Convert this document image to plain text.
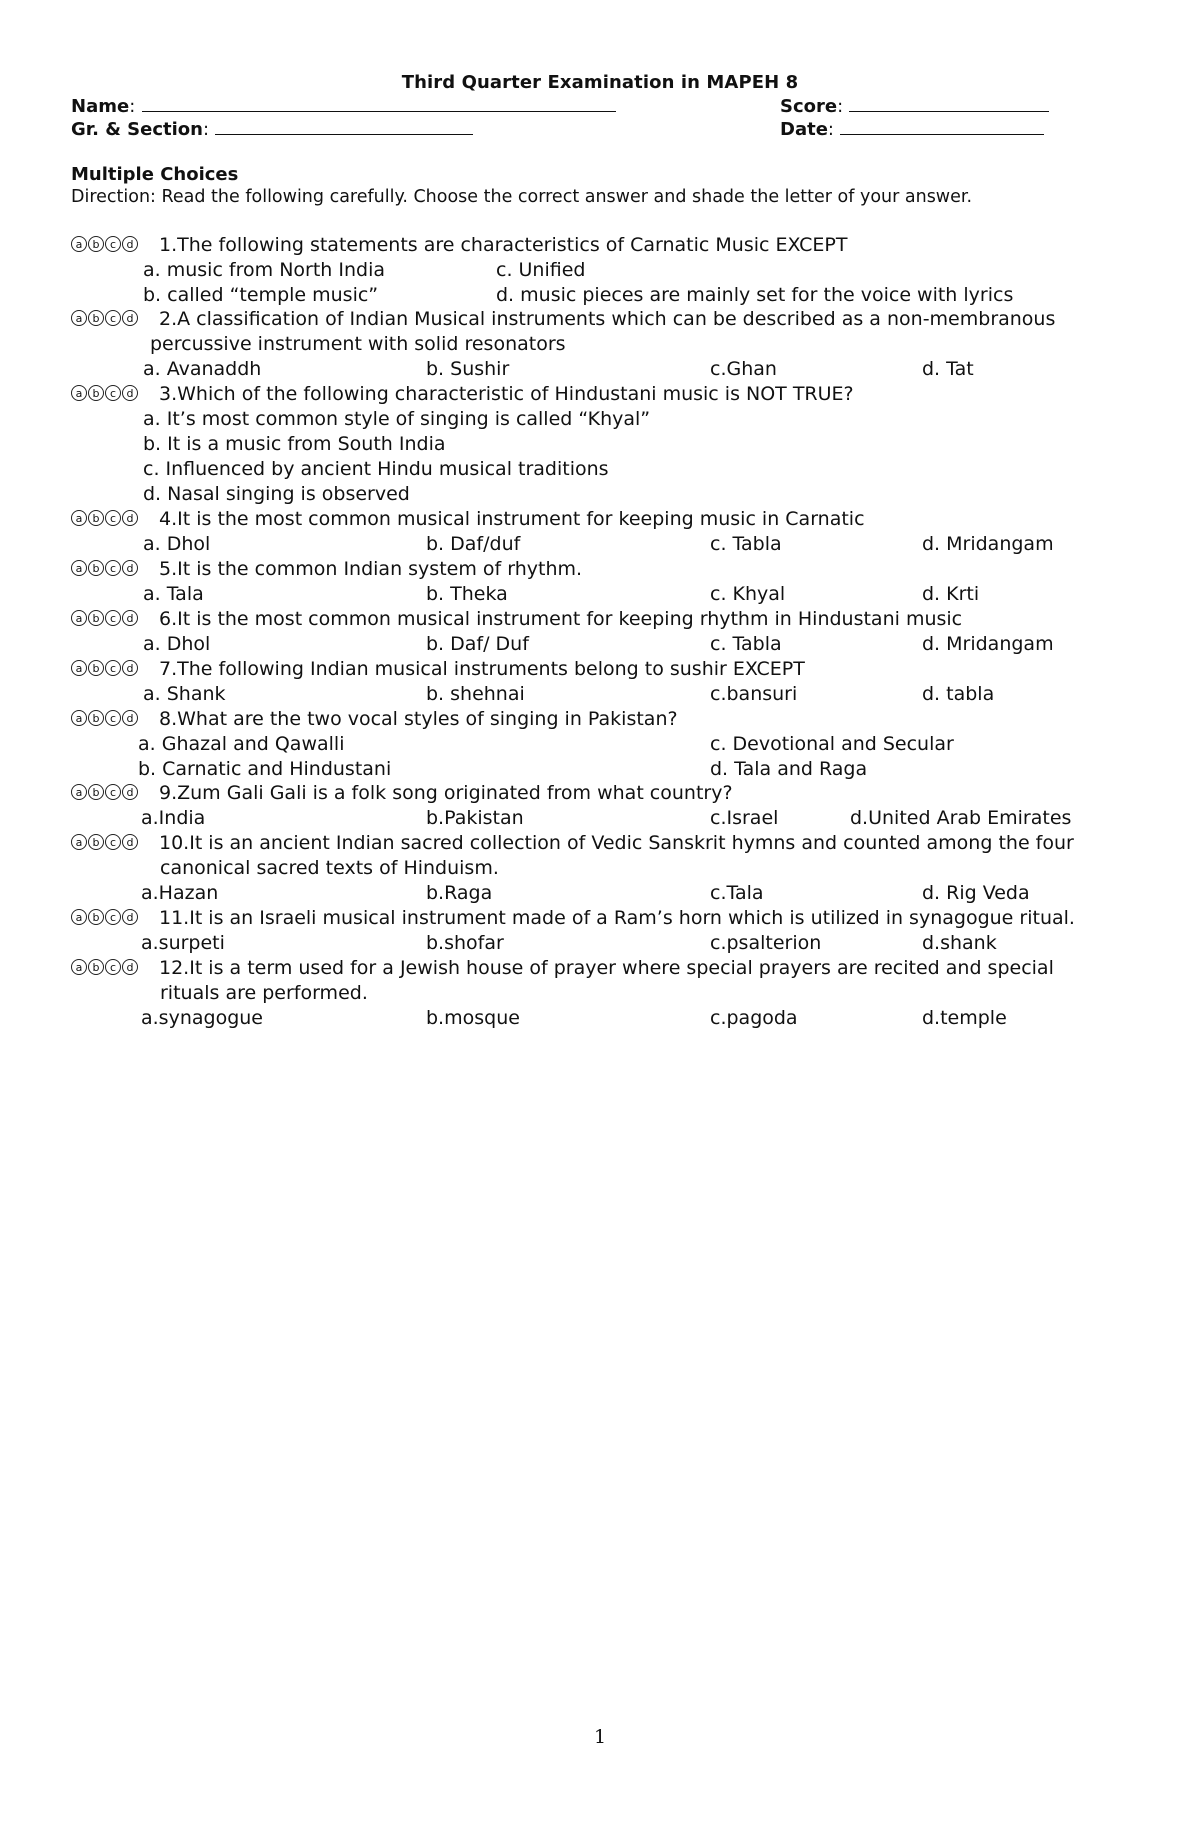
Third Quarter Examination in MAPEH 8
Name:	Score:
Gr. & Section:	Date:
Multiple Choices
Direction: Read the following carefully. Choose the correct answer and shade the letter of your answer.
a b c d 1.The following statements are characteristics of Carnatic Music EXCEPT
a. music from North India	c. Unified
b. called “temple music”	d. music pieces are mainly set for the voice with lyrics
a b c d 2.A classification of Indian Musical instruments which can be described as a non-membranous
percussive instrument with solid resonators
a. Avanaddh	b. Sushir	c.Ghan	d. Tat
a b c d 3.Which of the following characteristic of Hindustani music is NOT TRUE?
a. It’s most common style of singing is called “Khyal”
b. It is a music from South India
c. Influenced by ancient Hindu musical traditions
d. Nasal singing is observed
a b c d 4.It is the most common musical instrument for keeping music in Carnatic
a. Dhol	b. Daf/duf	c. Tabla	d. Mridangam
a b c d 5.It is the common Indian system of rhythm.
a. Tala	b. Theka	c. Khyal	d. Krti
a b c d 6.It is the most common musical instrument for keeping rhythm in Hindustani music
a. Dhol	b. Daf/ Duf	c. Tabla	d. Mridangam
a b c d 7.The following Indian musical instruments belong to sushir EXCEPT
a. Shank	b. shehnai	c.bansuri	d. tabla
a b c d 8.What are the two vocal styles of singing in Pakistan?
a. Ghazal and Qawalli	c. Devotional and Secular
b. Carnatic and Hindustani	d. Tala and Raga
a b c d 9.Zum Gali Gali is a folk song originated from what country?
a.India	b.Pakistan	c.Israel	d.United Arab Emirates
a b c d 10.It is an ancient Indian sacred collection of Vedic Sanskrit hymns and counted among the four
canonical sacred texts of Hinduism.
a.Hazan	b.Raga	c.Tala	d. Rig Veda
a b c d 11.It is an Israeli musical instrument made of a Ram’s horn which is utilized in synagogue ritual.
a.surpeti	b.shofar	c.psalterion	d.shank
a b c d 12.It is a term used for a Jewish house of prayer where special prayers are recited and special
rituals are performed.
a.synagogue	b.mosque	c.pagoda	d.temple
1
